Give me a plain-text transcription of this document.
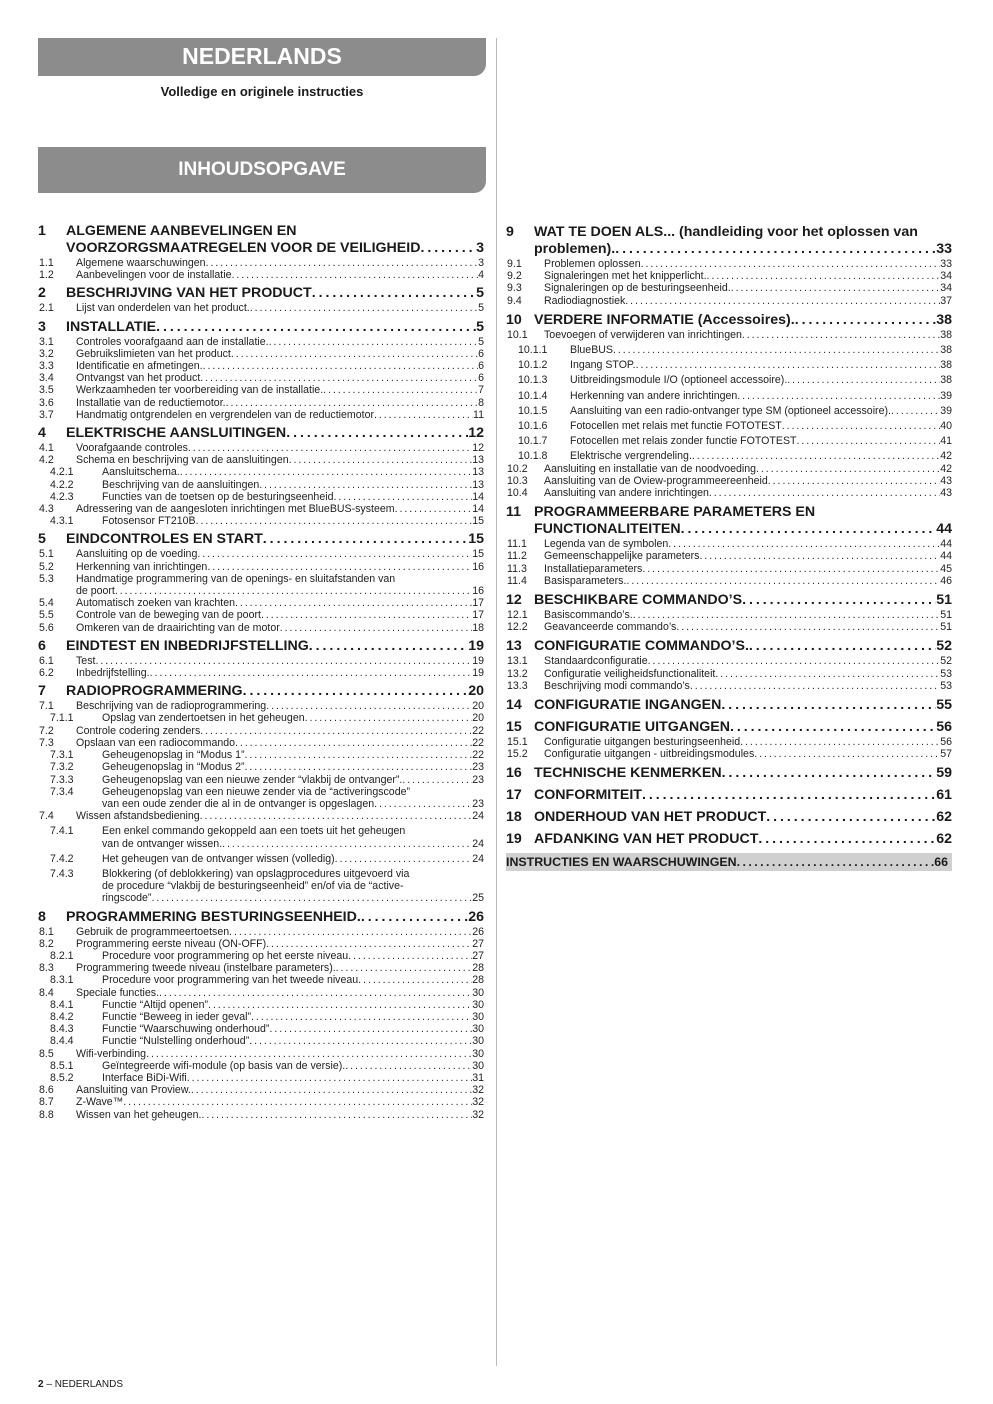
NEDERLANDS
Volledige en originele instructies
INHOUDSOPGAVE
1	ALGEMENE AANBEVELINGEN EN
VOORZORGSMAATREGELEN VOOR DE VEILIGHEID . . .	3
1.1	Algemene waarschuwingen . . .	3
1.2	Aanbevelingen voor de installatie . . .	4
2	BESCHRIJVING VAN HET PRODUCT . . .	5
2.1	Lijst van onderdelen van het product. . . .	5
3	INSTALLATIE . . .	5
3.1	Controles voorafgaand aan de installatie. . . .	5
3.2	Gebruikslimieten van het product . . .	6
3.3	Identificatie en afmetingen. . . .	6
3.4	Ontvangst van het product . . .	6
3.5	Werkzaamheden ter voorbereiding van de installatie. . . .	7
3.6	Installatie van de reductiemotor. . . .	8
3.7	Handmatig ontgrendelen en vergrendelen van de reductiemotor . . .	11
4	ELEKTRISCHE AANSLUITINGEN . . .	12
4.1	Voorafgaande controles . . .	12
4.2	Schema en beschrijving van de aansluitingen . . .	13
4.2.1	Aansluitschema. . . .	13
4.2.2	Beschrijving van de aansluitingen . . .	13
4.2.3	Functies van de toetsen op de besturingseenheid . . .	14
4.3	Adressering van de aangesloten inrichtingen met BlueBUS-systeem . . .	14
4.3.1	Fotosensor FT210B . . .	15
5	EINDCONTROLES EN START . . .	15
5.1	Aansluiting op de voeding . . .	15
5.2	Herkenning van inrichtingen . . .	16
5.3	Handmatige programmering van de openings- en sluitafstanden van
de poort . . .	16
5.4	Automatisch zoeken van krachten . . .	17
5.5	Controle van de beweging van de poort . . .	17
5.6	Omkeren van de draairichting van de motor . . .	18
6	EINDTEST EN INBEDRIJFSTELLING . . .	19
6.1	Test . . .	19
6.2	Inbedrijfstelling. . . .	19
7	RADIOPROGRAMMERING . . .	20
7.1	Beschrijving van de radioprogrammering . . .	20
7.1.1	Opslag van zendertoetsen in het geheugen . . .	20
7.2	Controle codering zenders . . .	22
7.3	Opslaan van een radiocommando . . .	22
7.3.1	Geheugenopslag in “Modus 1” . . .	22
7.3.2	Geheugenopslag in “Modus 2” . . .	23
7.3.3	Geheugenopslag van een nieuwe zender “vlakbij de ontvanger”. . . .	23
7.3.4	Geheugenopslag van een nieuwe zender via de “activeringscode”
van een oude zender die al in de ontvanger is opgeslagen . . .	23
7.4	Wissen afstandsbediening . . .	24
7.4.1	Een enkel commando gekoppeld aan een toets uit het geheugen
van de ontvanger wissen. . . .	24
7.4.2	Het geheugen van de ontvanger wissen (volledig) . . .	24
7.4.3	Blokkering (of deblokkering) van opslagprocedures uitgevoerd via
de procedure “vlakbij de besturingseenheid” en/of via de “active-
ringscode” . . .	25
8	PROGRAMMERING BESTURINGSEENHEID. . . .	26
8.1	Gebruik de programmeertoetsen . . .	26
8.2	Programmering eerste niveau (ON-OFF) . . .	27
8.2.1	Procedure voor programmering op het eerste niveau . . .	27
8.3	Programmering tweede niveau (instelbare parameters). . . .	28
8.3.1	Procedure voor programmering van het tweede niveau . . .	28
8.4	Speciale functies. . . .	30
8.4.1	Functie “Altijd openen” . . .	30
8.4.2	Functie “Beweeg in ieder geval” . . .	30
8.4.3	Functie “Waarschuwing onderhoud” . . .	30
8.4.4	Functie “Nulstelling onderhoud” . . .	30
8.5	Wifi-verbinding . . .	30
8.5.1	Geïntegreerde wifi-module (op basis van de versie). . . .	30
8.5.2	Interface BiDi-Wifi . . .	31
8.6	Aansluiting van Proview. . . .	32
8.7	Z-Wave™ . . .	32
8.8	Wissen van het geheugen. . . .	32
9	WAT TE DOEN ALS... (handleiding voor het oplossen van
problemen). . . .	33
9.1	Problemen oplossen . . .	33
9.2	Signaleringen met het knipperlicht. . . .	34
9.3	Signaleringen op de besturingseenheid. . . .	34
9.4	Radiodiagnostiek . . .	37
10 VERDERE INFORMATIE (Accessoires). . . .	38
10.1	Toevoegen of verwijderen van inrichtingen . . .	38
10.1.1	BlueBUS . . .	38
10.1.2	Ingang STOP. . . .	38
10.1.3	Uitbreidingsmodule I/O (optioneel accessoire). . . .	38
10.1.4	Herkenning van andere inrichtingen . . .	39
10.1.5	Aansluiting van een radio-ontvanger type SM (optioneel accessoire). . . .	39
10.1.6	Fotocellen met relais met functie FOTOTEST . . .	40
10.1.7	Fotocellen met relais zonder functie FOTOTEST . . .	41
10.1.8	Elektrische vergrendeling. . . .	42
10.2	Aansluiting en installatie van de noodvoeding . . .	42
10.3	Aansluiting van de Oview-programmeereenheid . . .	43
10.4	Aansluiting van andere inrichtingen . . .	43
11 PROGRAMMEERBARE PARAMETERS EN
FUNCTIONALITEITEN . . .	44
11.1	Legenda van de symbolen . . .	44
11.2	Gemeenschappelijke parameters . . .	44
11.3	Installatieparameters . . .	45
11.4	Basisparameters. . . .	46
12 BESCHIKBARE COMMANDO’S . . .	51
12.1	Basiscommando’s. . . .	51
12.2	Geavanceerde commando’s . . .	51
13 CONFIGURATIE COMMANDO’S. . . .	52
13.1	Standaardconfiguratie . . .	52
13.2	Configuratie veiligheidsfunctionaliteit . . .	53
13.3	Beschrijving modi commando’s . . .	53
14 CONFIGURATIE INGANGEN . . .	55
15 CONFIGURATIE UITGANGEN . . .	56
15.1	Configuratie uitgangen besturingseenheid . . .	56
15.2	Configuratie uitgangen - uitbreidingsmodules . . .	57
16 TECHNISCHE KENMERKEN . . .	59
17 CONFORMITEIT . . .	61
18 ONDERHOUD VAN HET PRODUCT . . .	62
19 AFDANKING VAN HET PRODUCT . . .	62
INSTRUCTIES EN WAARSCHUWINGEN . . .	66
2 – NEDERLANDS
